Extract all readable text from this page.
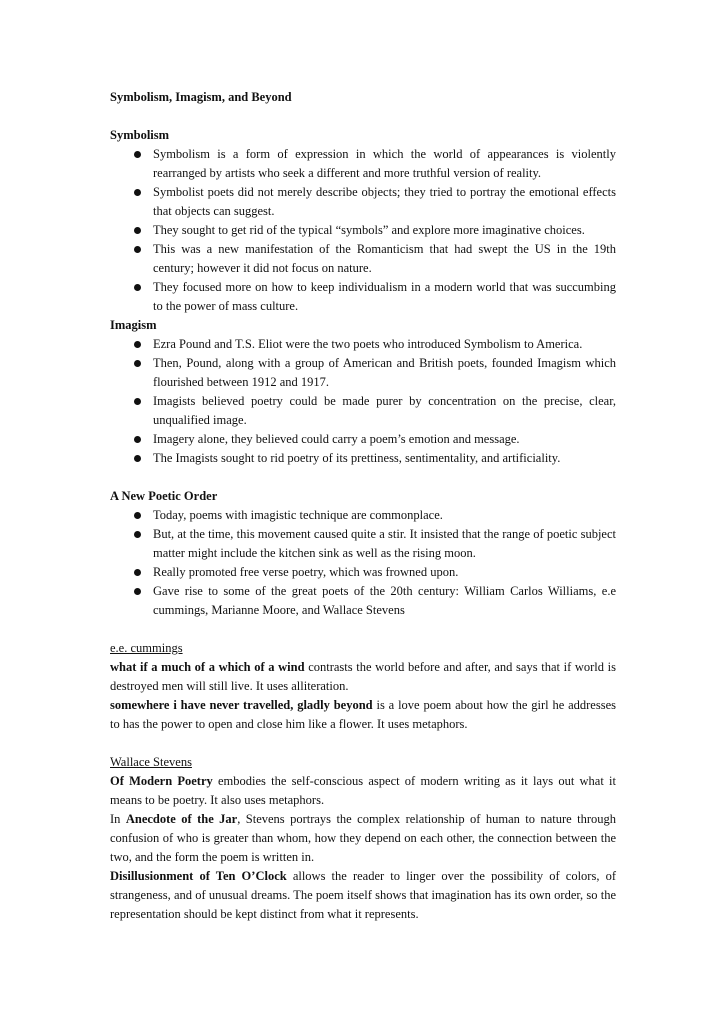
Symbolism, Imagism, and Beyond

Symbolism

Symbolism is a form of expression in which the world of appearances is violently rearranged by artists who seek a different and more truthful version of reality.
Symbolist poets did not merely describe objects; they tried to portray the emotional effects that objects can suggest.
They sought to get rid of the typical “symbols” and explore more imaginative choices.
This was a new manifestation of the Romanticism that had swept the US in the 19th century; however it did not focus on nature.
They focused more on how to keep individualism in a modern world that was succumbing to the power of mass culture.

Imagism

Ezra Pound and T.S. Eliot were the two poets who introduced Symbolism to America.
Then, Pound, along with a group of American and British poets, founded Imagism which flourished between 1912 and 1917.
Imagists believed poetry could be made purer by concentration on the precise, clear, unqualified image.
Imagery alone, they believed could carry a poem’s emotion and message.
The Imagists sought to rid poetry of its prettiness, sentimentality, and artificiality.

A New Poetic Order

Today, poems with imagistic technique are commonplace.
But, at the time, this movement caused quite a stir. It insisted that the range of poetic subject matter might include the kitchen sink as well as the rising moon.
Really promoted free verse poetry, which was frowned upon.
Gave rise to some of the great poets of the 20th century: William Carlos Williams, e.e cummings, Marianne Moore, and Wallace Stevens

e.e. cummings

what if a much of a which of a wind contrasts the world before and after, and says that if world is destroyed men will still live. It uses alliteration.

somewhere i have never travelled, gladly beyond is a love poem about how the girl he addresses to has the power to open and close him like a flower. It uses metaphors.

Wallace Stevens

Of Modern Poetry embodies the self-conscious aspect of modern writing as it lays out what it means to be poetry. It also uses metaphors.

In Anecdote of the Jar, Stevens portrays the complex relationship of human to nature through confusion of who is greater than whom, how they depend on each other, the connection between the two, and the form the poem is written in.

Disillusionment of Ten O’Clock allows the reader to linger over the possibility of colors, of strangeness, and of unusual dreams. The poem itself shows that imagination has its own order, so the representation should be kept distinct from what it represents.
